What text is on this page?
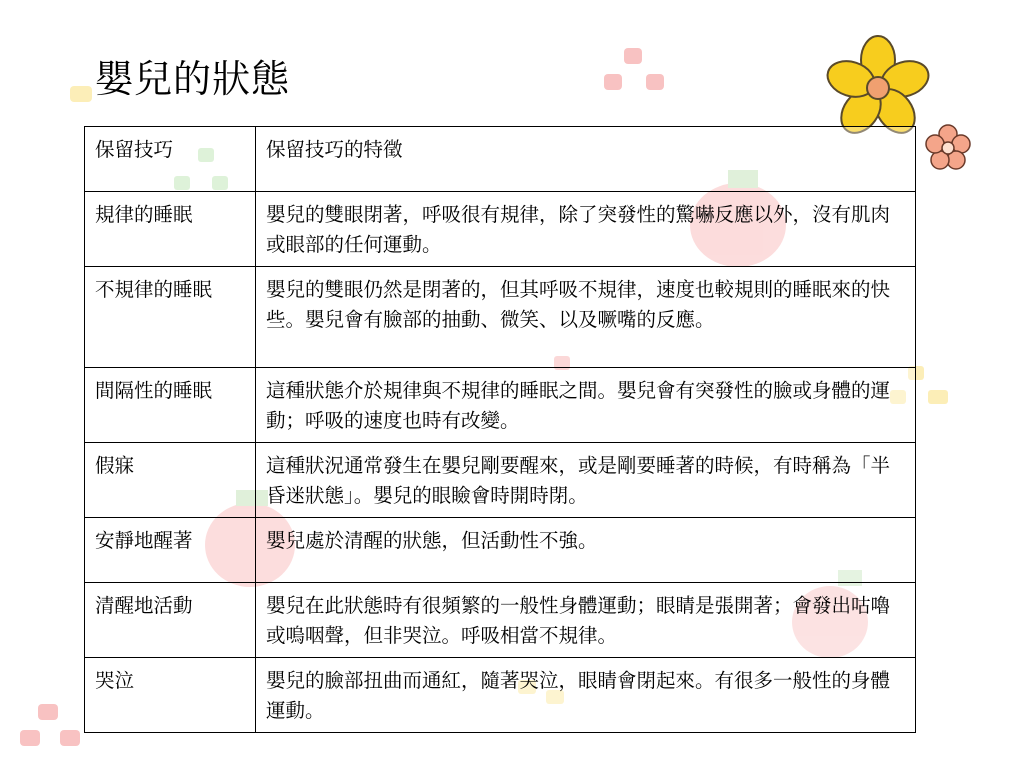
嬰兒的狀態
保留技巧	保留技巧的特徵
規律的睡眠	嬰兒的雙眼閉著，呼吸很有規律，除了突發性的驚嚇反應以外，沒有肌肉或眼部的任何運動。
不規律的睡眠	嬰兒的雙眼仍然是閉著的，但其呼吸不規律，速度也較規則的睡眠來的快些。嬰兒會有臉部的抽動、微笑、以及噘嘴的反應。
間隔性的睡眠	這種狀態介於規律與不規律的睡眠之間。嬰兒會有突發性的臉或身體的運動；呼吸的速度也時有改變。
假寐	這種狀況通常發生在嬰兒剛要醒來，或是剛要睡著的時候，有時稱為「半昏迷狀態」。嬰兒的眼瞼會時開時閉。
安靜地醒著	嬰兒處於清醒的狀態，但活動性不強。
清醒地活動	嬰兒在此狀態時有很頻繁的一般性身體運動；眼睛是張開著；會發出咕嚕或嗚咽聲，但非哭泣。呼吸相當不規律。
哭泣	嬰兒的臉部扭曲而通紅，隨著哭泣，眼睛會閉起來。有很多一般性的身體運動。
